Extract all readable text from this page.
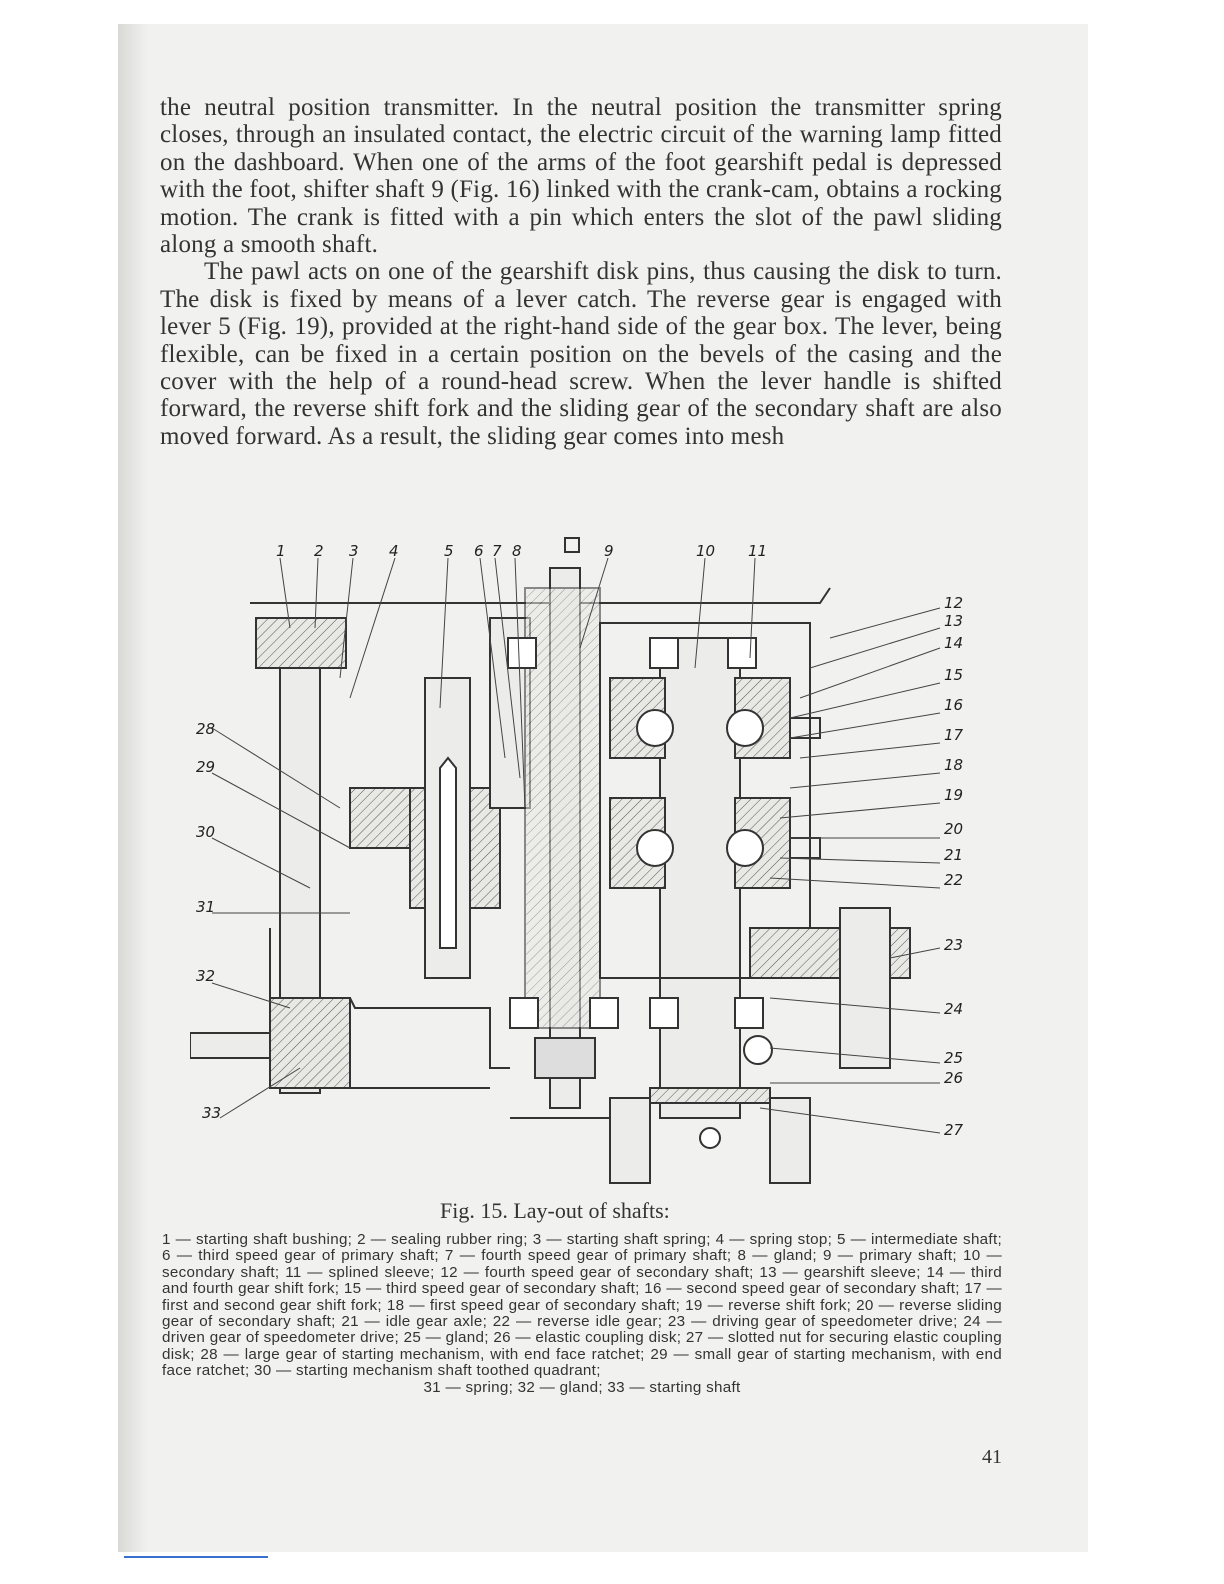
the neutral position transmitter. In the neutral position the transmitter spring closes, through an insulated contact, the electric circuit of the warning lamp fitted on the dashboard. When one of the arms of the foot gearshift pedal is depressed with the foot, shifter shaft 9 (Fig. 16) linked with the crank-cam, obtains a rocking motion. The crank is fitted with a pin which enters the slot of the pawl sliding along a smooth shaft.

The pawl acts on one of the gearshift disk pins, thus causing the disk to turn. The disk is fixed by means of a lever catch. The reverse gear is engaged with lever 5 (Fig. 19), provided at the right-hand side of the gear box. The lever, being flexible, can be fixed in a certain position on the bevels of the casing and the cover with the help of a round-head screw. When the lever handle is shifted forward, the reverse shift fork and the sliding gear of the secondary shaft are also moved forward. As a result, the sliding gear comes into mesh

1 2 3 4	5 6 7 8	9	10 11
12
13
14
15
16
17
18
19
20
21
22
23
24
25
26
27
28
29
30
31
32
33
Fig. 15. Lay-out of shafts:
1 — starting shaft bushing; 2 — sealing rubber ring; 3 — starting shaft spring; 4 — spring stop; 5 — intermediate shaft; 6 — third speed gear of primary shaft; 7 — fourth speed gear of primary shaft; 8 — gland; 9 — primary shaft; 10 — secondary shaft; 11 — splined sleeve; 12 — fourth speed gear of secondary shaft; 13 — gearshift sleeve; 14 — third and fourth gear shift fork; 15 — third speed gear of secondary shaft; 16 — second speed gear of secondary shaft; 17 — first and second gear shift fork; 18 — first speed gear of secondary shaft; 19 — reverse shift fork; 20 — reverse sliding gear of secondary shaft; 21 — idle gear axle; 22 — reverse idle gear; 23 — driving gear of speedometer drive; 24 — driven gear of speedometer drive; 25 — gland; 26 — elastic coupling disk; 27 — slotted nut for securing elastic coupling disk; 28 — large gear of starting mechanism, with end face ratchet; 29 — small gear of starting mechanism, with end face ratchet; 30 — starting mechanism shaft toothed quadrant;
31 — spring; 32 — gland; 33 — starting shaft
41
